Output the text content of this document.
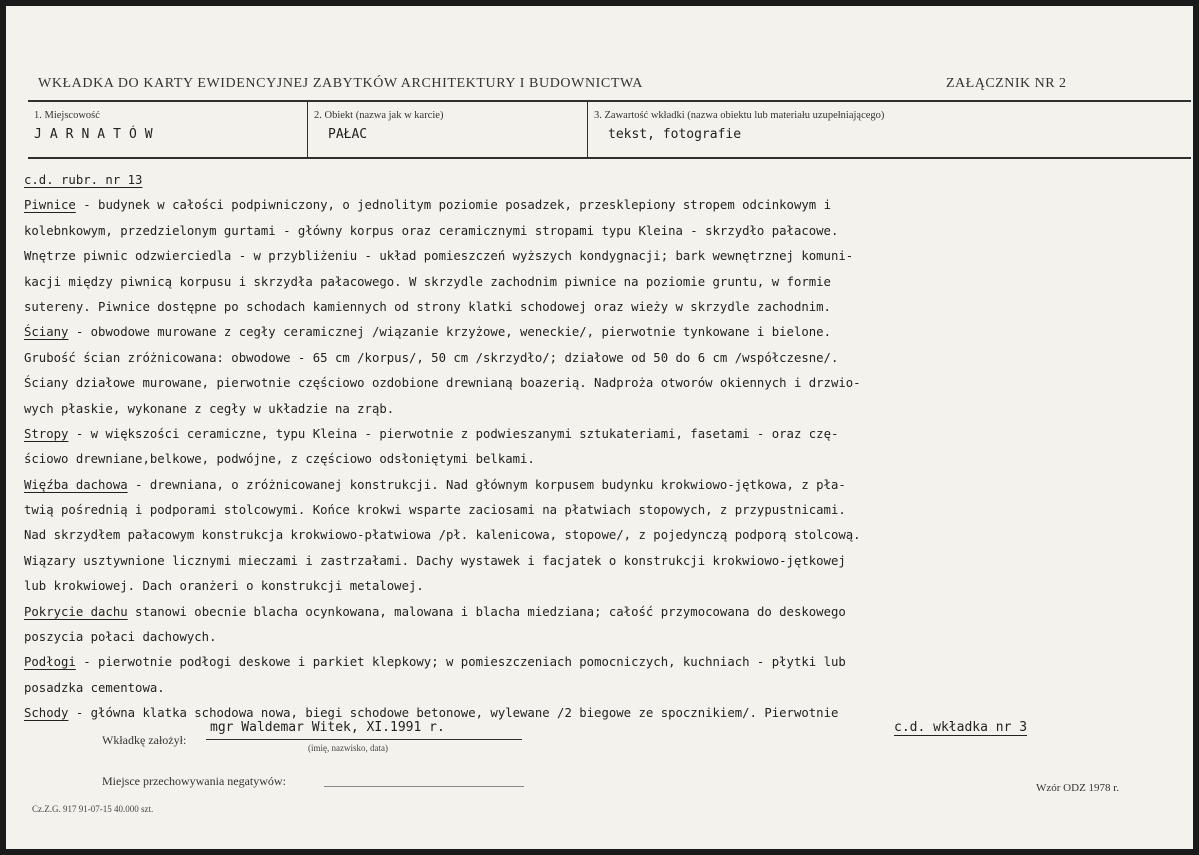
WKŁADKA DO KARTY EWIDENCYJNEJ ZABYTKÓW ARCHITEKTURY I BUDOWNICTWA	ZAŁĄCZNIK NR 2
1. Miejscowość
JARNATÓW
2. Obiekt (nazwa jak w karcie)
PAŁAC
3. Zawartość wkładki (nazwa obiektu lub materiału uzupełniającego)
tekst, fotografie
c.d. rubr. nr 13
Piwnice - budynek w całości podpiwniczony, o jednolitym poziomie posadzek, przesklepiony stropem odcinkowym i
kolebnkowym, przedzielonym gurtami - główny korpus oraz ceramicznymi stropami typu Kleina - skrzydło pałacowe.
Wnętrze piwnic odzwierciedla - w przybliżeniu - układ pomieszczeń wyższych kondygnacji; bark wewnętrznej komuni-
kacji między piwnicą korpusu i skrzydła pałacowego. W skrzydle zachodnim piwnice na poziomie gruntu, w formie
sutereny. Piwnice dostępne po schodach kamiennych od strony klatki schodowej oraz wieży w skrzydle zachodnim.
Ściany - obwodowe murowane z cegły ceramicznej /wiązanie krzyżowe, weneckie/, pierwotnie tynkowane i bielone.
Grubość ścian zróżnicowana: obwodowe - 65 cm /korpus/, 50 cm /skrzydło/; działowe od 50 do 6 cm /współczesne/.
Ściany działowe murowane, pierwotnie częściowo ozdobione drewnianą boazerią. Nadproża otworów okiennych i drzwio-
wych płaskie, wykonane z cegły w układzie na zrąb.
Stropy - w większości ceramiczne, typu Kleina - pierwotnie z podwieszanymi sztukateriami, fasetami - oraz czę-
ściowo drewniane,belkowe, podwójne, z częściowo odsłoniętymi belkami.
Więźba dachowa - drewniana, o zróżnicowanej konstrukcji. Nad głównym korpusem budynku krokwiowo-jętkowa, z pła-
twią pośrednią i podporami stolcowymi. Końce krokwi wsparte zaciosami na płatwiach stopowych, z przypustnicami.
Nad skrzydłem pałacowym konstrukcja krokwiowo-płatwiowa /pł. kalenicowa, stopowe/, z pojedynczą podporą stolcową.
Wiązary usztywnione licznymi mieczami i zastrzałami. Dachy wystawek i facjatek o konstrukcji krokwiowo-jętkowej
lub krokwiowej. Dach oranżeri o konstrukcji metalowej.
Pokrycie dachu stanowi obecnie blacha ocynkowana, malowana i blacha miedziana; całość przymocowana do deskowego
poszycia połaci dachowych.
Podłogi - pierwotnie podłogi deskowe i parkiet klepkowy; w pomieszczeniach pomocniczych, kuchniach - płytki lub
posadzka cementowa.
Schody - główna klatka schodowa nowa, biegi schodowe betonowe, wylewane /2 biegowe ze spocznikiem/. Pierwotnie
Wkładkę założył:
mgr Waldemar Witek, XI.1991 r.
(imię, nazwisko, data)
c.d. wkładka nr 3
Miejsce przechowywania negatywów:	Wzór ODZ 1978 r.
Cz.Z.G. 917 91-07-15 40.000 szt.
